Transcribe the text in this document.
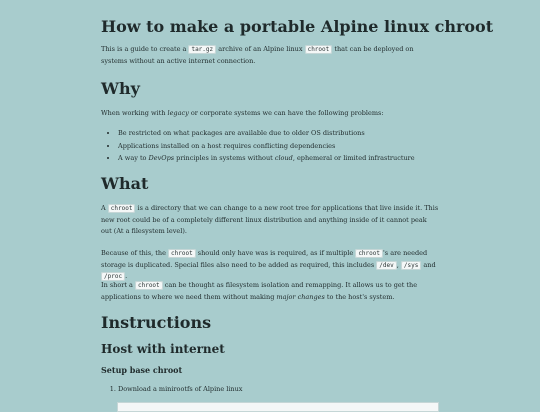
How to make a portable Alpine linux chroot

This is a guide to create a tar.gz archive of an Alpine linux chroot that can be deployed on systems without an active internet connection.

Why

When working with legacy or corporate systems we can have the following problems:

• Be restricted on what packages are available due to older OS distributions
• Applications installed on a host requires conflicting dependencies
• A way to DevOps principles in systems without cloud, ephemeral or limited infrastructure
What

A chroot is a directory that we can change to a new root tree for applications that live inside it. This new root could be of a completely different linux distribution and anything inside of it cannot peak out (At a filesystem level).

Because of this, the chroot should only have was is required, as if multiple chroot 's are needed storage is duplicated. Special files also need to be added as required, this includes /dev , /sys and /proc .

In short a chroot can be thought as filesystem isolation and remapping. It allows us to get the applications to where we need them without making major changes to the host's system.

Instructions
Host with internet
Setup base chroot
1. Download a minirootfs of Alpine linux
